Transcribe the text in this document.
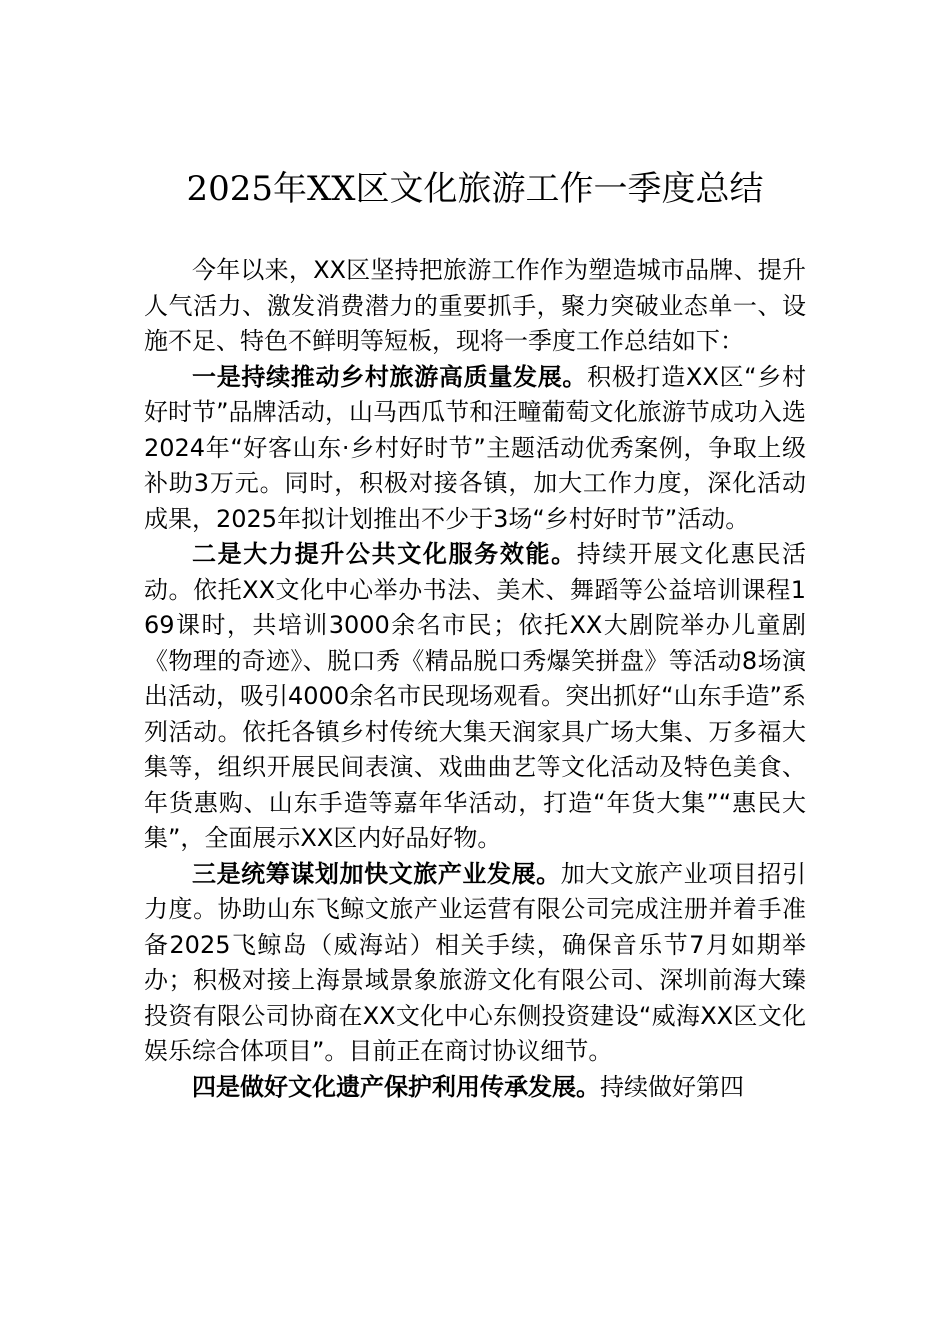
2025年XX区文化旅游工作一季度总结

今年以来，XX区坚持把旅游工作作为塑造城市品牌、提升人气活力、激发消费潜力的重要抓手，聚力突破业态单一、设施不足、特色不鲜明等短板，现将一季度工作总结如下：

一是持续推动乡村旅游高质量发展。积极打造XX区“乡村好时节”品牌活动，山马西瓜节和汪疃葡萄文化旅游节成功入选2024年“好客山东·乡村好时节”主题活动优秀案例，争取上级补助3万元。同时，积极对接各镇，加大工作力度，深化活动成果，2025年拟计划推出不少于3场“乡村好时节”活动。

二是大力提升公共文化服务效能。持续开展文化惠民活动。依托XX文化中心举办书法、美术、舞蹈等公益培训课程169课时，共培训3000余名市民；依托XX大剧院举办儿童剧《物理的奇迹》、脱口秀《精品脱口秀爆笑拼盘》等活动8场演出活动，吸引4000余名市民现场观看。突出抓好“山东手造”系列活动。依托各镇乡村传统大集天润家具广场大集、万多福大集等，组织开展民间表演、戏曲曲艺等文化活动及特色美食、年货惠购、山东手造等嘉年华活动，打造“年货大集”“惠民大集”，全面展示XX区内好品好物。

三是统筹谋划加快文旅产业发展。加大文旅产业项目招引力度。协助山东飞鲸文旅产业运营有限公司完成注册并着手准备2025飞鲸岛（威海站）相关手续，确保音乐节7月如期举办；积极对接上海景域景象旅游文化有限公司、深圳前海大臻投资有限公司协商在XX文化中心东侧投资建设“威海XX区文化娱乐综合体项目”。目前正在商讨协议细节。

四是做好文化遗产保护利用传承发展。持续做好第四
